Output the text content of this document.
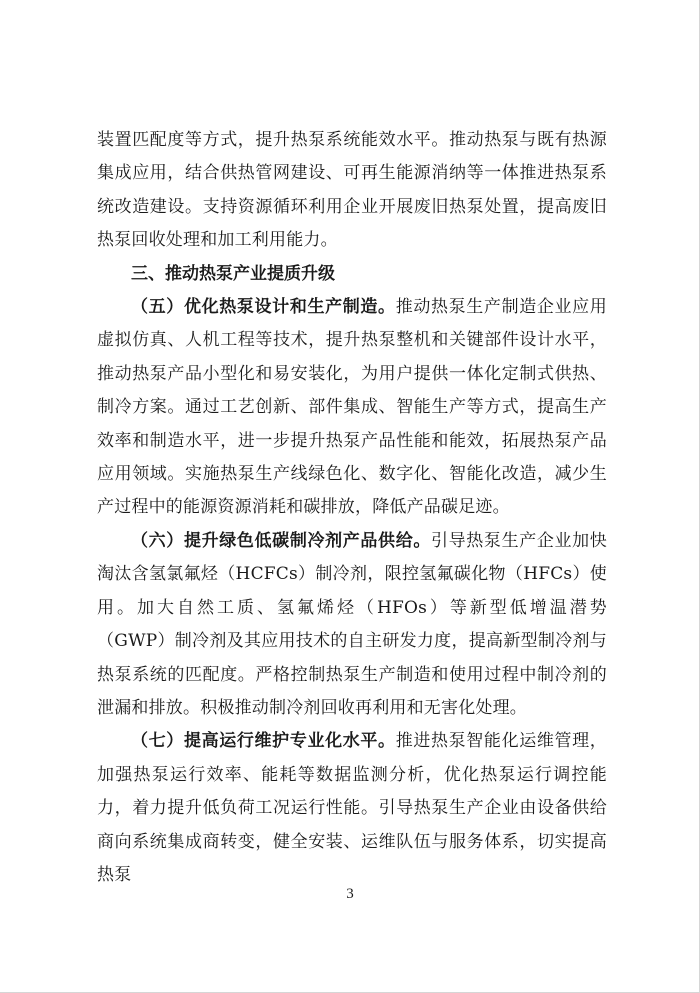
装置匹配度等方式，提升热泵系统能效水平。推动热泵与既有热源集成应用，结合供热管网建设、可再生能源消纳等一体推进热泵系统改造建设。支持资源循环利用企业开展废旧热泵处置，提高废旧热泵回收处理和加工利用能力。

三、推动热泵产业提质升级

（五）优化热泵设计和生产制造。推动热泵生产制造企业应用虚拟仿真、人机工程等技术，提升热泵整机和关键部件设计水平，推动热泵产品小型化和易安装化，为用户提供一体化定制式供热、制冷方案。通过工艺创新、部件集成、智能生产等方式，提高生产效率和制造水平，进一步提升热泵产品性能和能效，拓展热泵产品应用领域。实施热泵生产线绿色化、数字化、智能化改造，减少生产过程中的能源资源消耗和碳排放，降低产品碳足迹。

（六）提升绿色低碳制冷剂产品供给。引导热泵生产企业加快淘汰含氢氯氟烃（HCFCs）制冷剂，限控氢氟碳化物（HFCs）使用。加大自然工质、氢氟烯烃（HFOs）等新型低增温潜势（GWP）制冷剂及其应用技术的自主研发力度，提高新型制冷剂与热泵系统的匹配度。严格控制热泵生产制造和使用过程中制冷剂的泄漏和排放。积极推动制冷剂回收再利用和无害化处理。

（七）提高运行维护专业化水平。推进热泵智能化运维管理，加强热泵运行效率、能耗等数据监测分析，优化热泵运行调控能力，着力提升低负荷工况运行性能。引导热泵生产企业由设备供给商向系统集成商转变，健全安装、运维队伍与服务体系，切实提高热泵

3
